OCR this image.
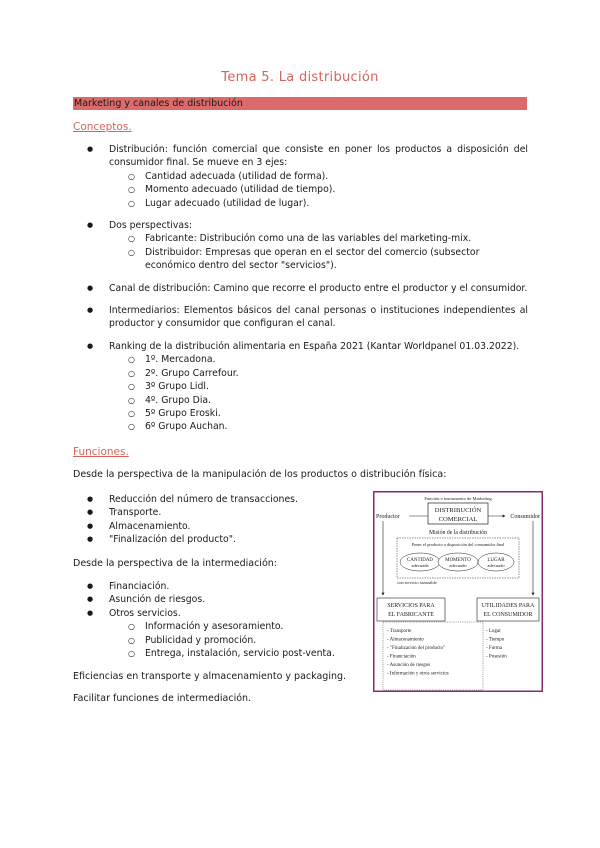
Tema 5. La distribución
Marketing y canales de distribución
Conceptos.
● Distribución: función comercial que consiste en poner los productos a disposición del consumidor final. Se mueve en 3 ejes:
○ Cantidad adecuada (utilidad de forma).
○ Momento adecuado (utilidad de tiempo).
○ Lugar adecuado (utilidad de lugar).
● Dos perspectivas:
○ Fabricante: Distribución como una de las variables del marketing-mix.
○ Distribuidor: Empresas que operan en el sector del comercio (subsector económico dentro del sector "servicios").
● Canal de distribución: Camino que recorre el producto entre el productor y el consumidor.
● Intermediarios: Elementos básicos del canal personas o instituciones independientes al productor y consumidor que configuran el canal.
● Ranking de la distribución alimentaria en España 2021 (Kantar Worldpanel 01.03.2022).
○ 1º. Mercadona.
○ 2º. Grupo Carrefour.
○ 3º Grupo Lidl.
○ 4º. Grupo Dia.
○ 5º Grupo Eroski.
○ 6º Grupo Auchan.
Funciones.
Desde la perspectiva de la manipulación de los productos o distribución física:
● Reducción del número de transacciones.
● Transporte.
● Almacenamiento.
● "Finalización del producto".
Desde la perspectiva de la intermediación:
● Financiación.
● Asunción de riesgos.
● Otros servicios.
○ Información y asesoramiento.
○ Publicidad y promoción.
○ Entrega, instalación, servicio post-venta.
Eficiencias en transporte y almacenamiento y packaging.
Facilitar funciones de intermediación.
Función o instrumento de Marketing
DISTRIBUCIÓN
COMERCIAL
Productor	Consumidor
Misión de la distribución
Poner el producto a disposición del consumidor final
CANTIDAD
adecuada
MOMENTO
adecuado
LUGAR
adecuado
con servicio razonable
SERVICIOS PARA
EL FABRICANTE
UTILIDADES PARA
EL CONSUMIDOR
- Transporte
- Almacenamiento
- "Finalización del producto"
- Financiación
- Asunción de riesgos
- Información y otros servicios
- Lugar
- Tiempo
- Forma
- Posesión
